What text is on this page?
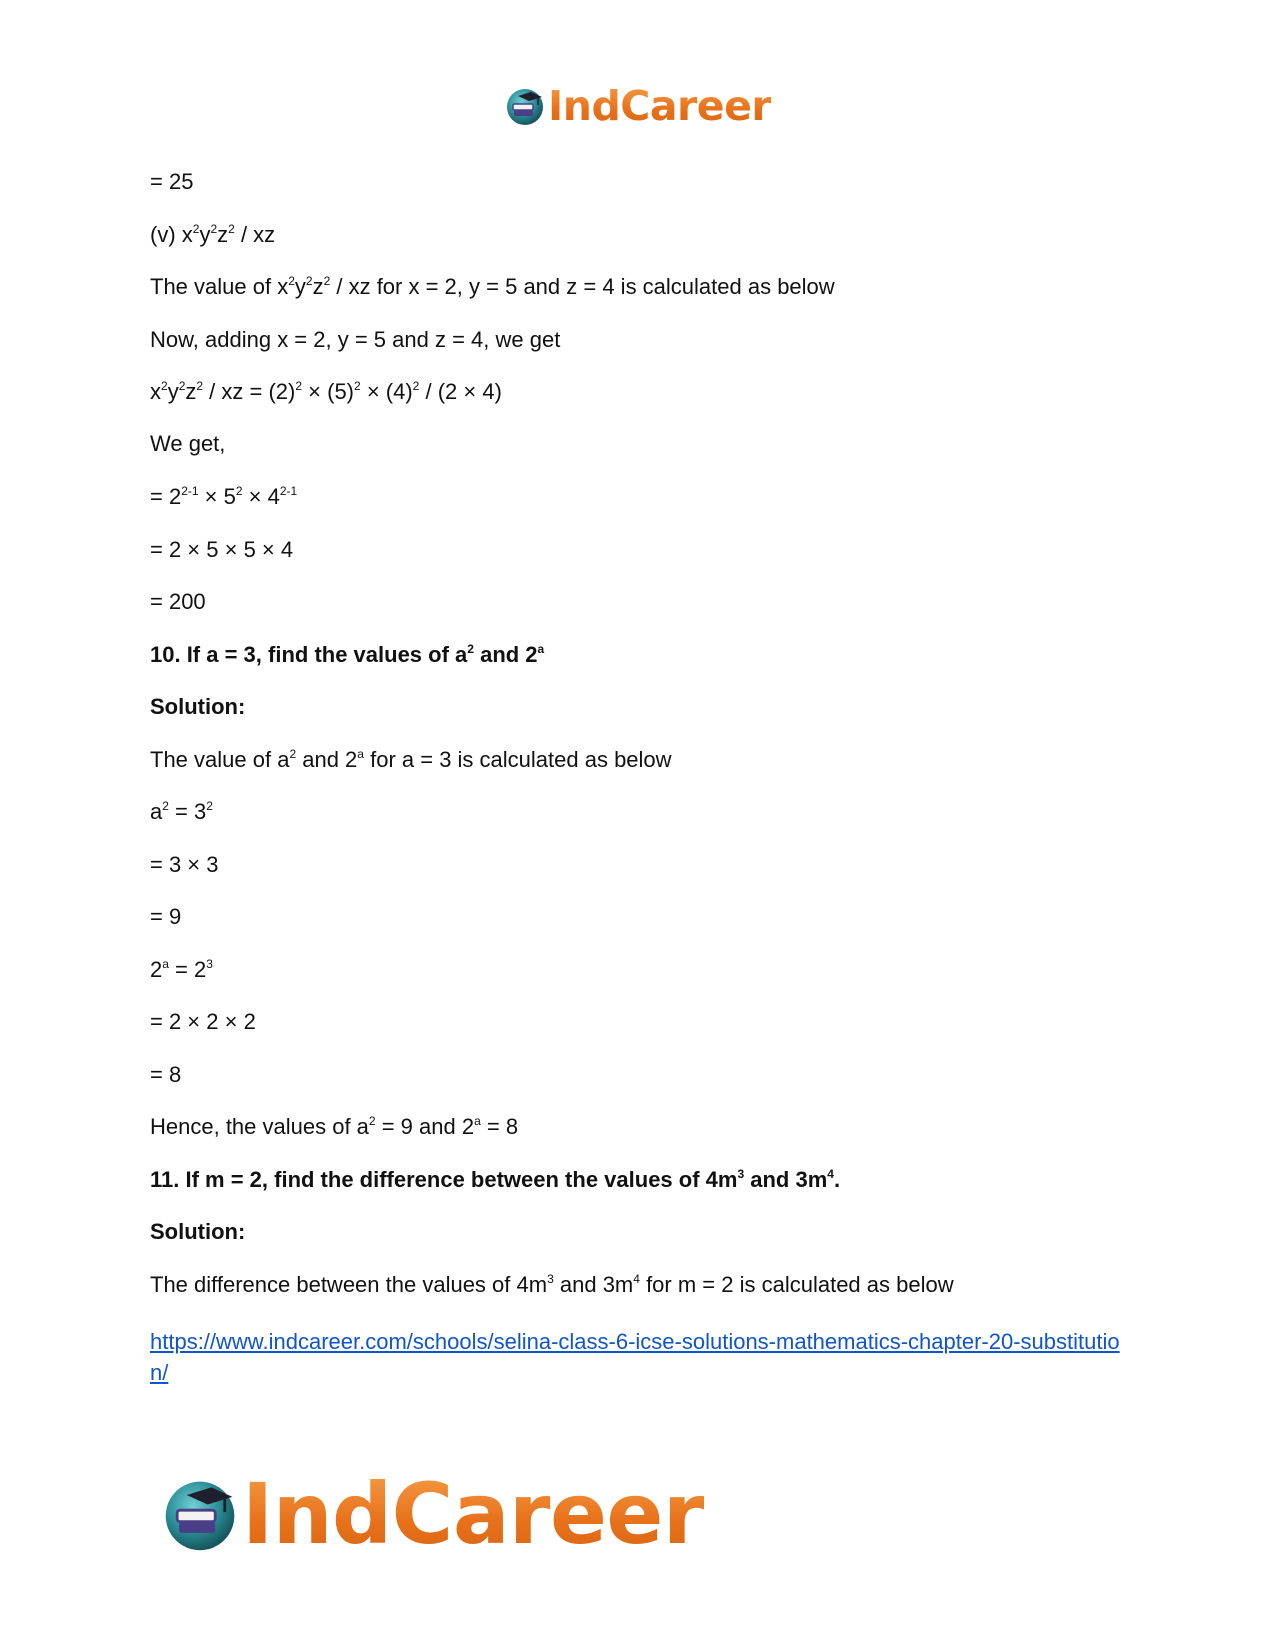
IndCareer
= 25
(v) $x^2y^2z^2$ / xz
The value of $x^2y^2z^2$ / xz for x = 2, y = 5 and z = 4 is calculated as below
Now, adding x = 2, y = 5 and z = 4, we get
$x^2y^2z^2$ / xz = $(2)^2 \times (5)^2 \times (4)^2 / (2 \times 4)$
We get,
= $2^{2-1} \times 5^2 \times 4^{2-1}$
= 2 × 5 × 5 × 4
= 200
10. If a = 3, find the values of $a^2$ and 2$^a$
Solution:
The value of $a^2$ and 2$^a$ for a = 3 is calculated as below
$a^2 = 3^2$
= 3 × 3
= 9
$2^a = 2^3$
= 2 × 2 × 2
= 8
Hence, the values of $a^2 = 9$ and $2^a = 8$
11. If m = 2, find the difference between the values of $4m^3$ and $3m^4$.
Solution:
The difference between the values of $4m^3$ and $3m^4$ for m = 2 is calculated as below
https://www.indcareer.com/schools/selina-class-6-icse-solutions-mathematics-chapter-20-substitution/
IndCareer
